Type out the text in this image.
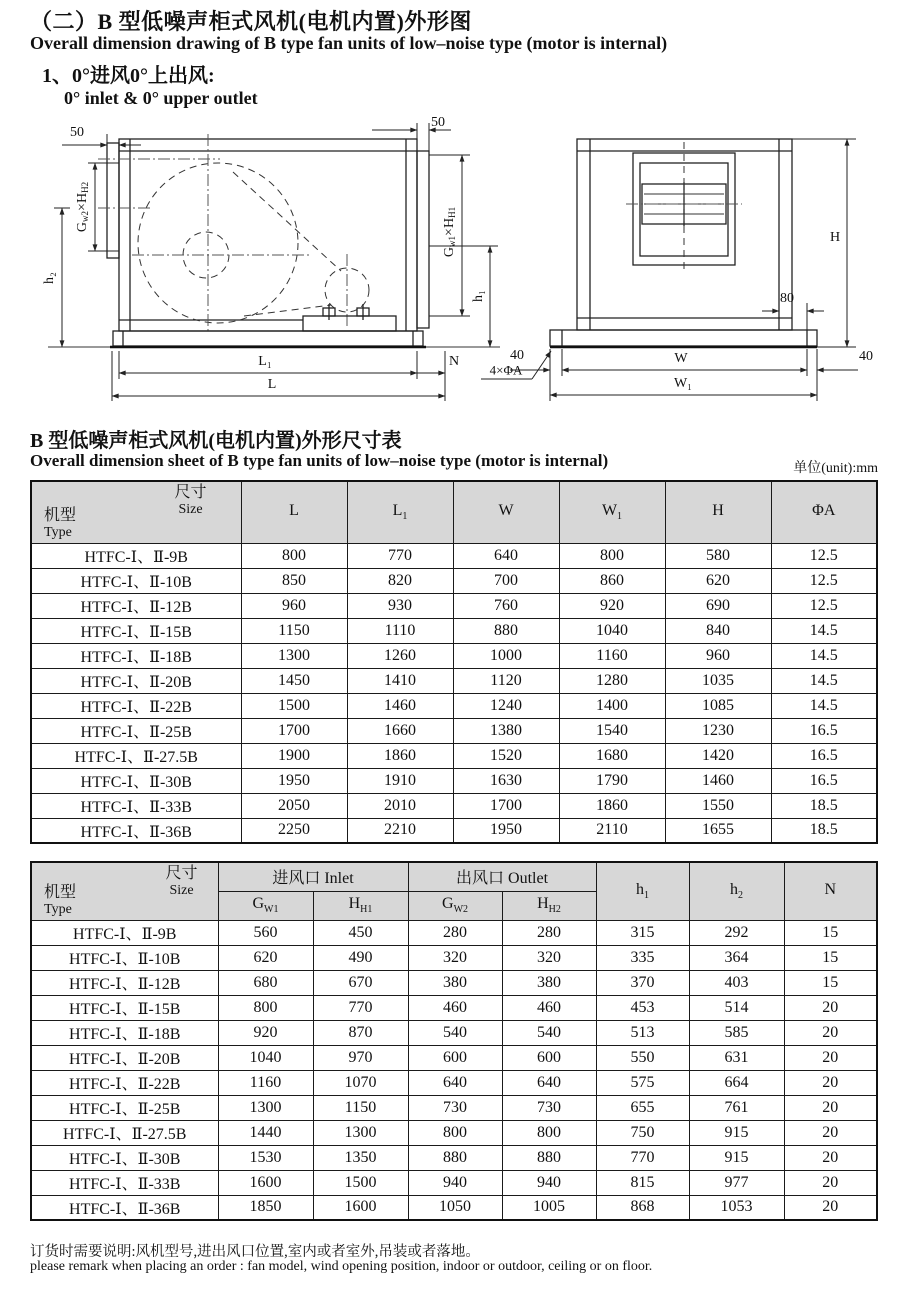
（二）B 型低噪声柜式风机(电机内置)外形图
Overall dimension drawing of B type fan units of low–noise type (motor is internal)
1、0°进风0°上出风:
0° inlet & 0° upper outlet
50
50
$G_{w2}\times H_{H2}$
h₂
$G_{w1}\times H_{H1}$
h₁
L₁	N
L
4×ΦA
40
H
80
W	40
W₁
B 型低噪声柜式风机(电机内置)外形尺寸表
Overall dimension sheet of B type fan units of low–noise type (motor is internal)	单位(unit):mm
尺寸
Size
机型
Type	L	$L_1$	W	$W_1$	H	ΦA
HTFC-Ⅰ、Ⅱ-9B	800	770	640	800	580	12.5
HTFC-Ⅰ、Ⅱ-10B	850	820	700	860	620	12.5
HTFC-Ⅰ、Ⅱ-12B	960	930	760	920	690	12.5
HTFC-Ⅰ、Ⅱ-15B	1150	1110	880	1040	840	14.5
HTFC-Ⅰ、Ⅱ-18B	1300	1260	1000	1160	960	14.5
HTFC-Ⅰ、Ⅱ-20B	1450	1410	1120	1280	1035	14.5
HTFC-Ⅰ、Ⅱ-22B	1500	1460	1240	1400	1085	14.5
HTFC-Ⅰ、Ⅱ-25B	1700	1660	1380	1540	1230	16.5
HTFC-Ⅰ、Ⅱ-27.5B	1900	1860	1520	1680	1420	16.5
HTFC-Ⅰ、Ⅱ-30B	1950	1910	1630	1790	1460	16.5
HTFC-Ⅰ、Ⅱ-33B	2050	2010	1700	1860	1550	18.5
HTFC-Ⅰ、Ⅱ-36B	2250	2210	1950	2110	1655	18.5
尺寸
Size
机型
Type	进风口 Inlet		出风口 Outlet		$h_1$	$h_2$	N
	$G_{W1}$	$H_{H1}$	$G_{W2}$	$H_{H2}$
HTFC-Ⅰ、Ⅱ-9B	560	450	280	280	315	292	15
HTFC-Ⅰ、Ⅱ-10B	620	490	320	320	335	364	15
HTFC-Ⅰ、Ⅱ-12B	680	670	380	380	370	403	15
HTFC-Ⅰ、Ⅱ-15B	800	770	460	460	453	514	20
HTFC-Ⅰ、Ⅱ-18B	920	870	540	540	513	585	20
HTFC-Ⅰ、Ⅱ-20B	1040	970	600	600	550	631	20
HTFC-Ⅰ、Ⅱ-22B	1160	1070	640	640	575	664	20
HTFC-Ⅰ、Ⅱ-25B	1300	1150	730	730	655	761	20
HTFC-Ⅰ、Ⅱ-27.5B	1440	1300	800	800	750	915	20
HTFC-Ⅰ、Ⅱ-30B	1530	1350	880	880	770	915	20
HTFC-Ⅰ、Ⅱ-33B	1600	1500	940	940	815	977	20
HTFC-Ⅰ、Ⅱ-36B	1850	1600	1050	1005	868	1053	20
订货时需要说明:风机型号,进出风口位置,室内或者室外,吊装或者落地。
please remark when placing an order : fan model, wind opening position, indoor or outdoor, ceiling or on floor.
